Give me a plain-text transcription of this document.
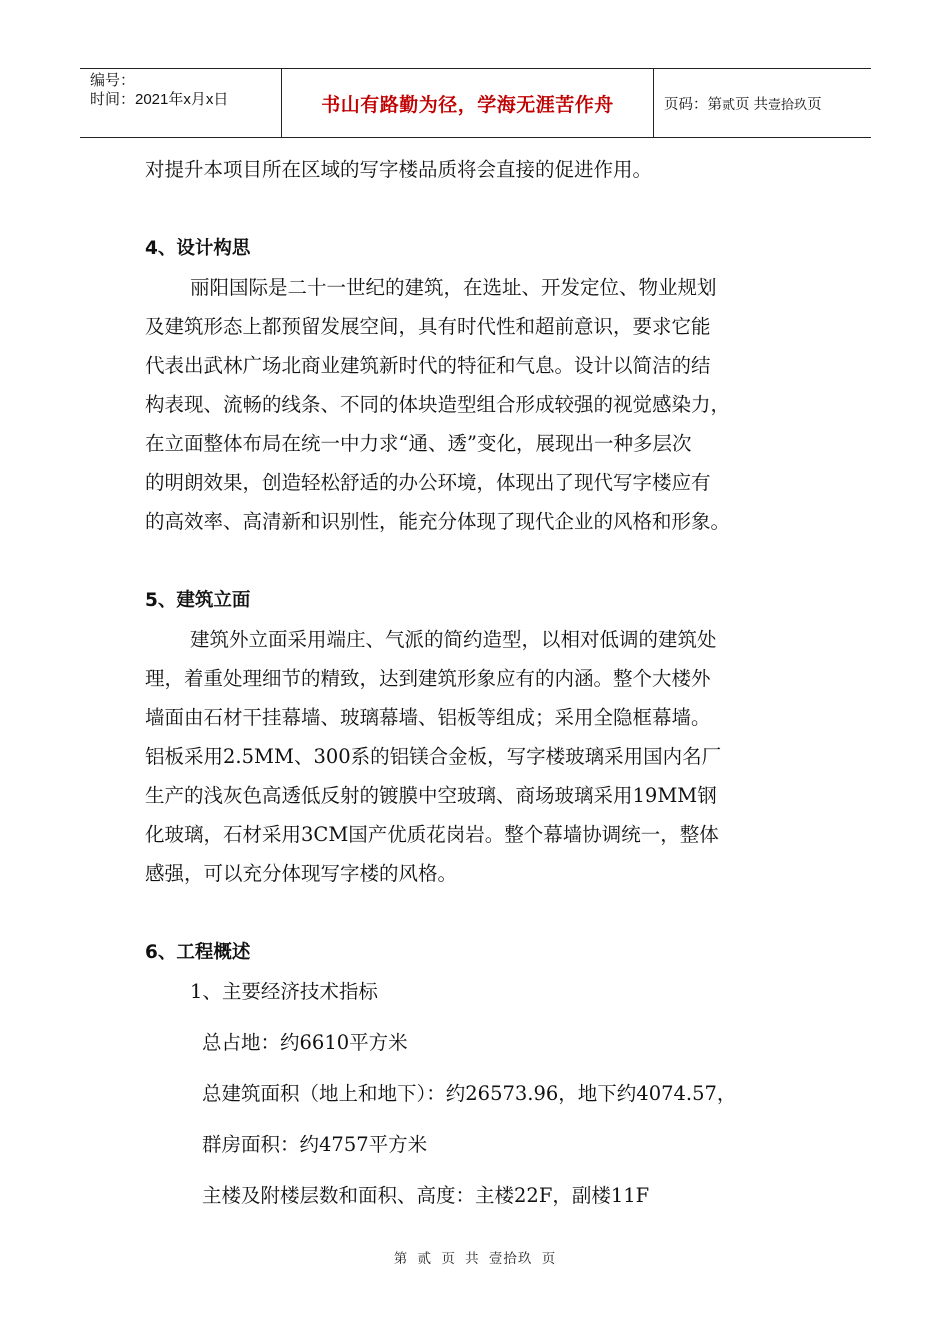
编号：
时间：2021年x月x日	书山有路勤为径，学海无涯苦作舟	页码：第 贰 页 共 壹拾玖 页
对提升本项目所在区域的写字楼品质将会直接的促进作用。
4、设计构思
丽阳国际是二十一世纪的建筑，在选址、开发定位、物业规划
及建筑形态上都预留发展空间，具有时代性和超前意识，要求它能
代表出武林广场北商业建筑新时代的特征和气息。设计以简洁的结
构表现、流畅的线条、不同的体块造型组合形成较强的视觉感染力，
在立面整体布局在统一中力求“通、透”变化，展现出一种多层次
的明朗效果，创造轻松舒适的办公环境，体现出了现代写字楼应有
的高效率、高清新和识别性，能充分体现了现代企业的风格和形象。
5、建筑立面
建筑外立面采用端庄、气派的简约造型，以相对低调的建筑处
理，着重处理细节的精致，达到建筑形象应有的内涵。整个大楼外
墙面由石材干挂幕墙、玻璃幕墙、铝板等组成；采用全隐框幕墙。
铝板采用2.5MM、300系的铝镁合金板，写字楼玻璃采用国内名厂
生产的浅灰色高透低反射的镀膜中空玻璃、商场玻璃采用19MM钢
化玻璃，石材采用3CM国产优质花岗岩。整个幕墙协调统一，整体
感强，可以充分体现写字楼的风格。
6、工程概述
1、主要经济技术指标
总占地：约6610平方米
总建筑面积（地上和地下）：约26573.96，地下约4074.57，
群房面积：约4757平方米
主楼及附楼层数和面积、高度：主楼22F，副楼11F
第 贰 页 共 壹拾玖 页
